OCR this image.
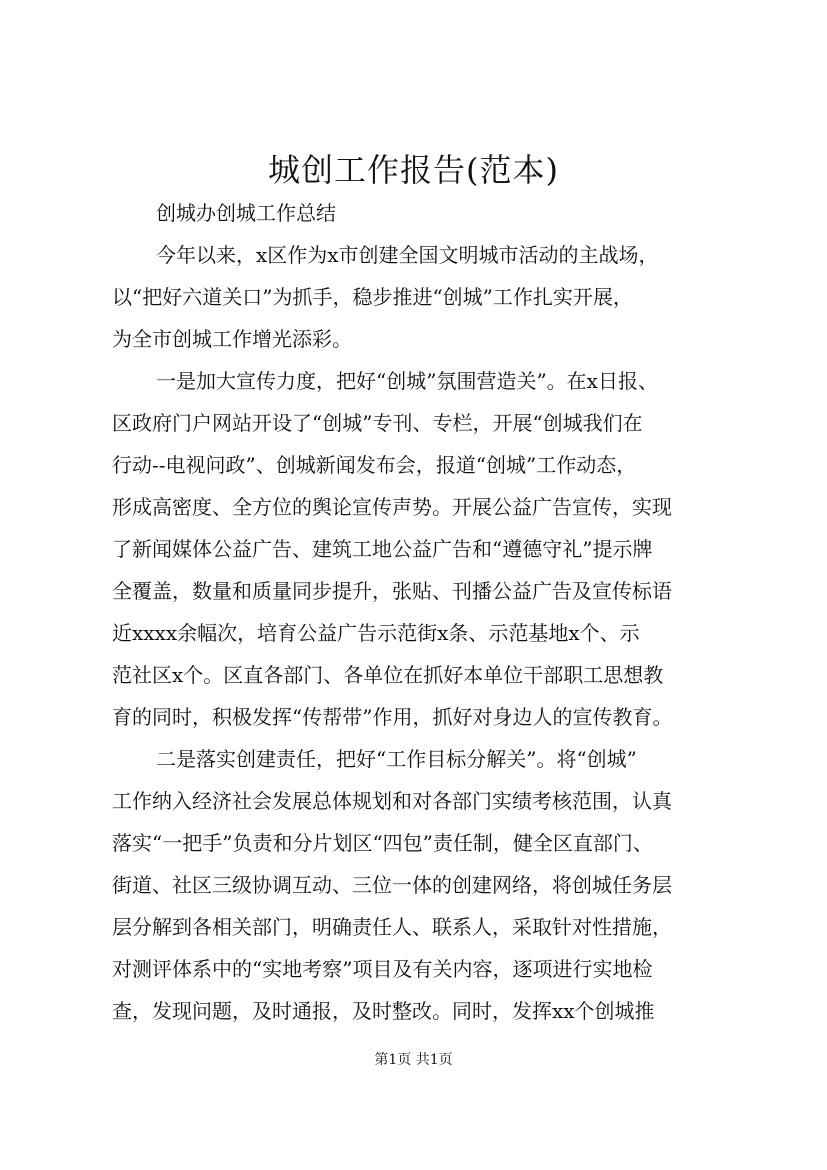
城创工作报告(范本)
创城办创城工作总结
今年以来，x区作为x市创建全国文明城市活动的主战场，
以“把好六道关口”为抓手，稳步推进“创城”工作扎实开展，
为全市创城工作增光添彩。
一是加大宣传力度，把好“创城”氛围营造关”。在x日报、
区政府门户网站开设了“创城”专刊、专栏，开展“创城我们在
行动--电视问政”、创城新闻发布会，报道“创城”工作动态，
形成高密度、全方位的舆论宣传声势。开展公益广告宣传，实现
了新闻媒体公益广告、建筑工地公益广告和“遵德守礼”提示牌
全覆盖，数量和质量同步提升，张贴、刊播公益广告及宣传标语
近xxxx余幅次，培育公益广告示范街x条、示范基地x个、示
范社区x个。区直各部门、各单位在抓好本单位干部职工思想教
育的同时，积极发挥“传帮带”作用，抓好对身边人的宣传教育。
二是落实创建责任，把好“工作目标分解关”。将“创城”
工作纳入经济社会发展总体规划和对各部门实绩考核范围，认真
落实“一把手”负责和分片划区“四包”责任制，健全区直部门、
街道、社区三级协调互动、三位一体的创建网络，将创城任务层
层分解到各相关部门，明确责任人、联系人，采取针对性措施，
对测评体系中的“实地考察”项目及有关内容，逐项进行实地检
查，发现问题，及时通报，及时整改。同时，发挥xx个创城推
第1页 共1页
